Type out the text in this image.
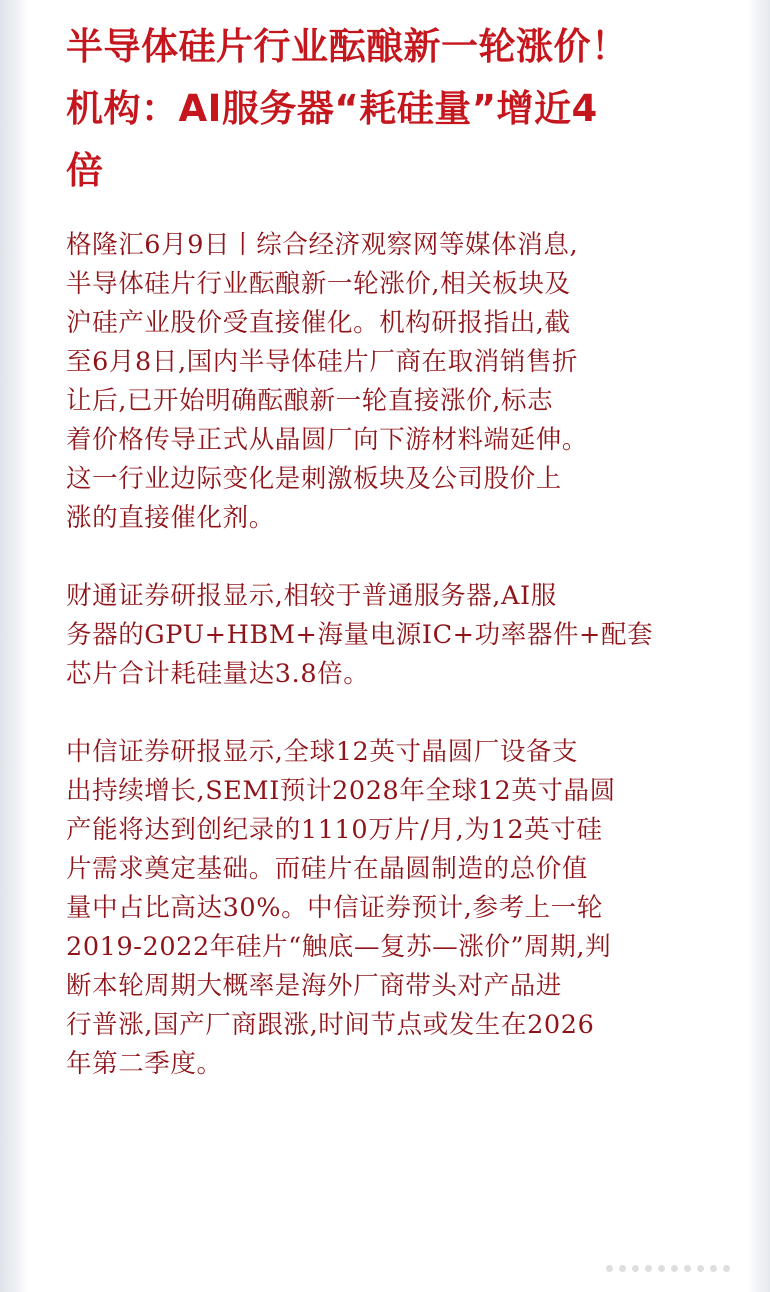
半导体硅片行业酝酿新一轮涨价！
机构：AI服务器“耗硅量”增近4
倍

格隆汇6月9日丨综合经济观察网等媒体消息,
半导体硅片行业酝酿新一轮涨价,相关板块及
沪硅产业股价受直接催化。机构研报指出,截
至6月8日,国内半导体硅片厂商在取消销售折
让后,已开始明确酝酿新一轮直接涨价,标志
着价格传导正式从晶圆厂向下游材料端延伸。
这一行业边际变化是刺激板块及公司股价上
涨的直接催化剂。

财通证券研报显示,相较于普通服务器,AI服
务器的GPU+HBM+海量电源IC+功率器件+配套
芯片合计耗硅量达3.8倍。

中信证券研报显示,全球12英寸晶圆厂设备支
出持续增长,SEMI预计2028年全球12英寸晶圆
产能将达到创纪录的1110万片/月,为12英寸硅
片需求奠定基础。而硅片在晶圆制造的总价值
量中占比高达30%。中信证券预计,参考上一轮
2019-2022年硅片“触底—复苏—涨价”周期,判
断本轮周期大概率是海外厂商带头对产品进
行普涨,国产厂商跟涨,时间节点或发生在2026
年第二季度。
